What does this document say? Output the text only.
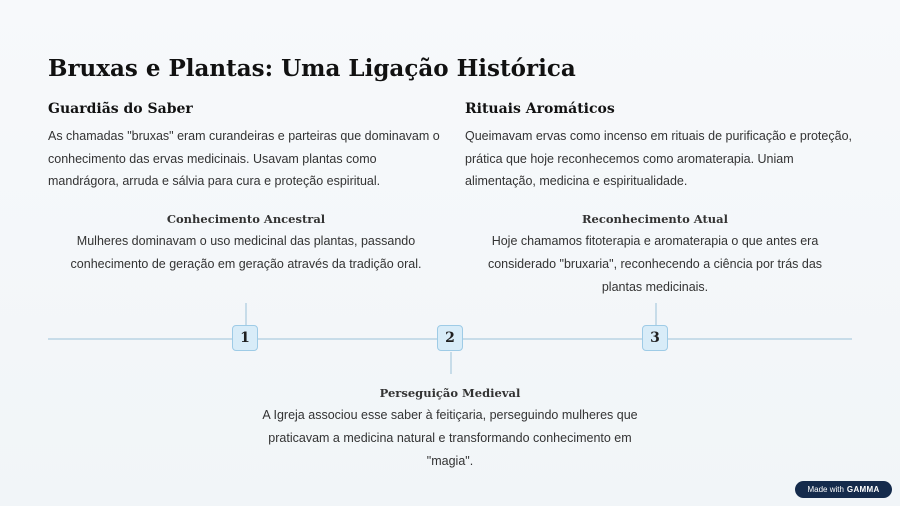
Bruxas e Plantas: Uma Ligação Histórica
Guardiãs do Saber

As chamadas "bruxas" eram curandeiras e parteiras que dominavam o conhecimento das ervas medicinais. Usavam plantas como mandrágora, arruda e sálvia para cura e proteção espiritual.

Rituais Aromáticos

Queimavam ervas como incenso em rituais de purificação e proteção, prática que hoje reconhecemos como aromaterapia. Uniam alimentação, medicina e espiritualidade.

Conhecimento Ancestral

Mulheres dominavam o uso medicinal das plantas, passando conhecimento de geração em geração através da tradição oral.

Reconhecimento Atual

Hoje chamamos fitoterapia e aromaterapia o que antes era considerado "bruxaria", reconhecendo a ciência por trás das plantas medicinais.

1	2	3
Perseguição Medieval

A Igreja associou esse saber à feitiçaria, perseguindo mulheres que praticavam a medicina natural e transformando conhecimento em "magia".

Made with GAMMA
